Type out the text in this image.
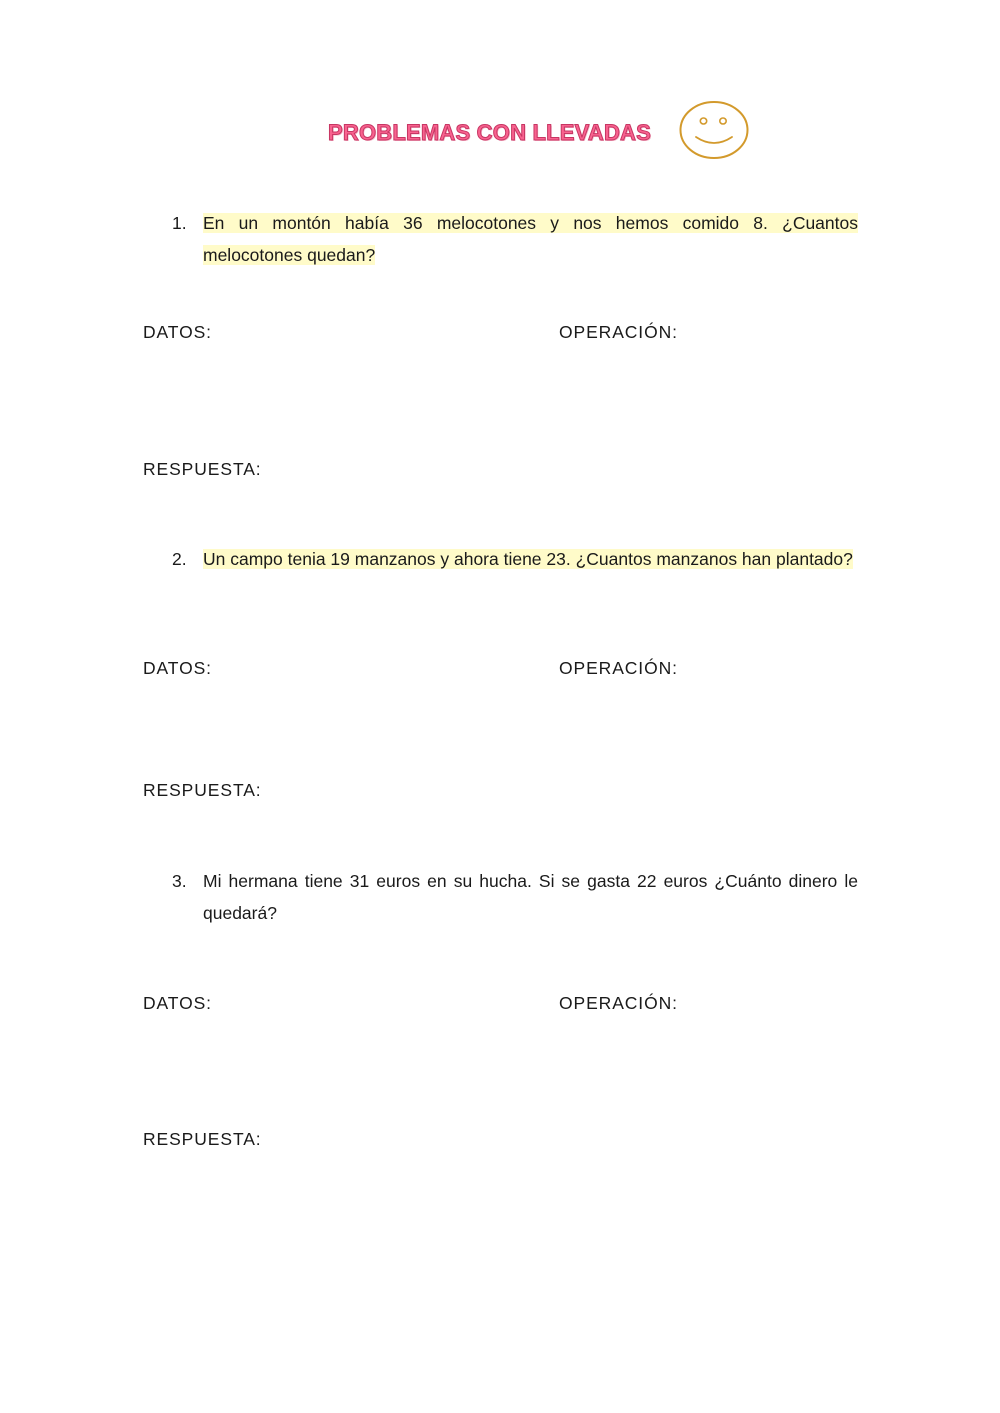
PROBLEMAS CON LLEVADAS
1. En un montón había 36 melocotones y nos hemos comido 8. ¿Cuantos melocotones quedan?
DATOS:	OPERACIÓN:
RESPUESTA:
2. Un campo tenia 19 manzanos y ahora tiene 23. ¿Cuantos manzanos han plantado?
DATOS:	OPERACIÓN:
RESPUESTA:
3. Mi hermana tiene 31 euros en su hucha. Si se gasta 22 euros ¿Cuánto dinero le quedará?
DATOS:	OPERACIÓN:
RESPUESTA:
